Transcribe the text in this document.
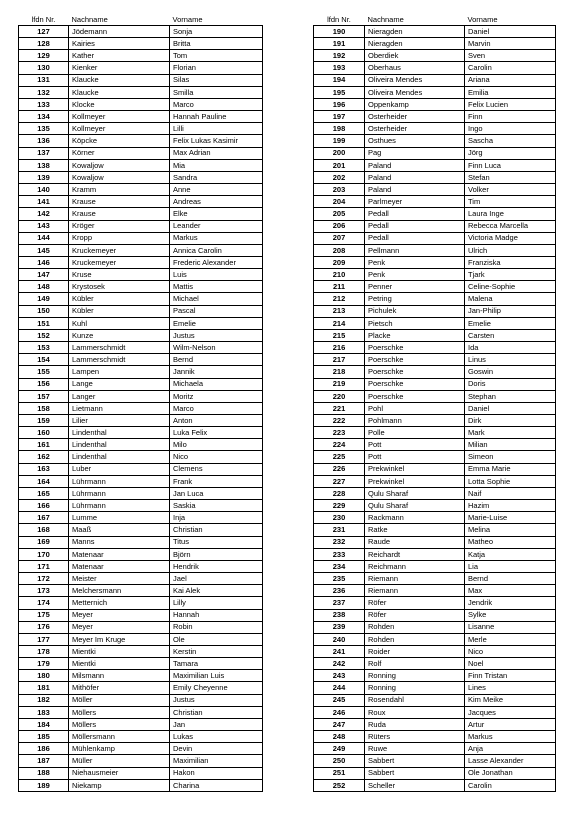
lfdn Nr.	Nachname	Vorname
127	Jödemann	Sonja
128	Kairies	Britta
129	Kather	Tom
130	Kienker	Florian
131	Klaucke	Silas
132	Klaucke	Smilla
133	Klocke	Marco
134	Kollmeyer	Hannah Pauline
135	Kollmeyer	Lilli
136	Köpcke	Felix Lukas Kasimir
137	Körner	Max Adrian
138	Kowaljow	Mia
139	Kowaljow	Sandra
140	Kramm	Anne
141	Krause	Andreas
142	Krause	Elke
143	Kröger	Leander
144	Kropp	Markus
145	Kruckemeyer	Annica Carolin
146	Kruckemeyer	Frederic Alexander
147	Kruse	Luis
148	Krystosek	Mattis
149	Kübler	Michael
150	Kübler	Pascal
151	Kuhl	Emelie
152	Kunze	Justus
153	Lammerschmidt	Wilm-Nelson
154	Lammerschmidt	Bernd
155	Lampen	Jannik
156	Lange	Michaela
157	Langer	Moritz
158	Lietmann	Marco
159	Lilier	Anton
160	Lindenthal	Luka Felix
161	Lindenthal	Milo
162	Lindenthal	Nico
163	Luber	Clemens
164	Lührmann	Frank
165	Lührmann	Jan Luca
166	Lührmann	Saskia
167	Lumme	Inja
168	Maaß	Christian
169	Manns	Titus
170	Matenaar	Björn
171	Matenaar	Hendrik
172	Meister	Jael
173	Melchersmann	Kai Alek
174	Metternich	Lilly
175	Meyer	Hannah
176	Meyer	Robin
177	Meyer Im Kruge	Ole
178	Mientki	Kerstin
179	Mientki	Tamara
180	Milsmann	Maximilian Luis
181	Mithöfer	Emily Cheyenne
182	Möller	Justus
183	Möllers	Christian
184	Möllers	Jan
185	Möllersmann	Lukas
186	Mühlenkamp	Devin
187	Müller	Maximilian
188	Niehausmeier	Hakon
189	Niekamp	Charina
lfdn Nr.	Nachname	Vorname
190	Nieragden	Daniel
191	Nieragden	Marvin
192	Oberdiek	Sven
193	Oberhaus	Carolin
194	Oliveira Mendes	Ariana
195	Oliveira Mendes	Emilia
196	Oppenkamp	Felix Lucien
197	Osterheider	Finn
198	Osterheider	Ingo
199	Osthues	Sascha
200	Pag	Jörg
201	Paland	Finn Luca
202	Paland	Stefan
203	Paland	Volker
204	Parlmeyer	Tim
205	Pedall	Laura Inge
206	Pedall	Rebecca Marcella
207	Pedall	Victoria Madge
208	Pellmann	Ulrich
209	Penk	Franziska
210	Penk	Tjark
211	Penner	Celine-Sophie
212	Petring	Malena
213	Pichulek	Jan-Philip
214	Pietsch	Emelie
215	Placke	Carsten
216	Poerschke	Ida
217	Poerschke	Linus
218	Poerschke	Goswin
219	Poerschke	Doris
220	Poerschke	Stephan
221	Pohl	Daniel
222	Pohlmann	Dirk
223	Polle	Mark
224	Pott	Milian
225	Pott	Simeon
226	Prekwinkel	Emma Marie
227	Prekwinkel	Lotta Sophie
228	Qulu Sharaf	Naif
229	Qulu Sharaf	Hazim
230	Rackmann	Marie-Luise
231	Ratke	Melina
232	Raude	Matheo
233	Reichardt	Katja
234	Reichmann	Lia
235	Riemann	Bernd
236	Riemann	Max
237	Röfer	Jendrik
238	Röfer	Sylke
239	Rohden	Lisanne
240	Rohden	Merle
241	Roider	Nico
242	Rolf	Noel
243	Ronning	Finn Tristan
244	Ronning	Lines
245	Rosendahl	Kim Meike
246	Roux	Jacques
247	Ruda	Artur
248	Rüters	Markus
249	Ruwe	Anja
250	Sabbert	Lasse Alexander
251	Sabbert	Ole Jonathan
252	Scheller	Carolin
